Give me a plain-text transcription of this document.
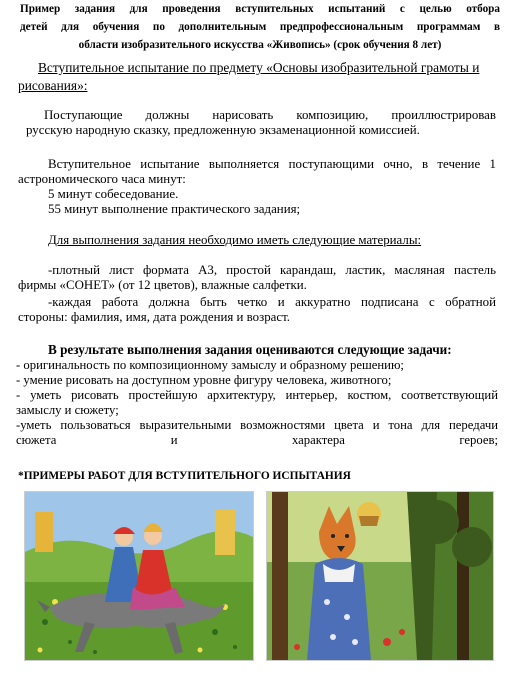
Пример задания для проведения вступительных испытаний с целью отбора
детей для обучения по дополнительным предпрофессиональным программам в
области изобразительного искусства «Живопись» (срок обучения 8 лет)
Вступительное испытание по предмету «Основы изобразительной грамоты и
рисования»:
Поступающие должны нарисовать композицию, проиллюстрировав
русскую народную сказку, предложенную экзаменационной комиссией.
Вступительное испытание выполняется поступающими очно, в течение 1
астрономического часа минут:
5 минут собеседование.
55 минут выполнение практического задания;
Для выполнения задания необходимо иметь следующие материалы:
-плотный лист формата А3, простой карандаш, ластик, масляная пастель
фирмы «СОНЕТ» (от 12 цветов), влажные салфетки.
-каждая работа должна быть четко и аккуратно подписана с обратной
стороны: фамилия, имя, дата рождения и возраст.
В результате выполнения задания оцениваются следующие задачи:
- оригинальность по композиционному замыслу и образному решению;
- умение рисовать на доступном уровне фигуру человека, животного;
- уметь рисовать простейшую архитектуру, интерьер, костюм, соответствующий
замыслу и сюжету;
-уметь пользоваться выразительными возможностями цвета и тона для передачи
сюжета	и	характера	героев;
*ПРИМЕРЫ РАБОТ ДЛЯ ВСТУПИТЕЛЬНОГО ИСПЫТАНИЯ
